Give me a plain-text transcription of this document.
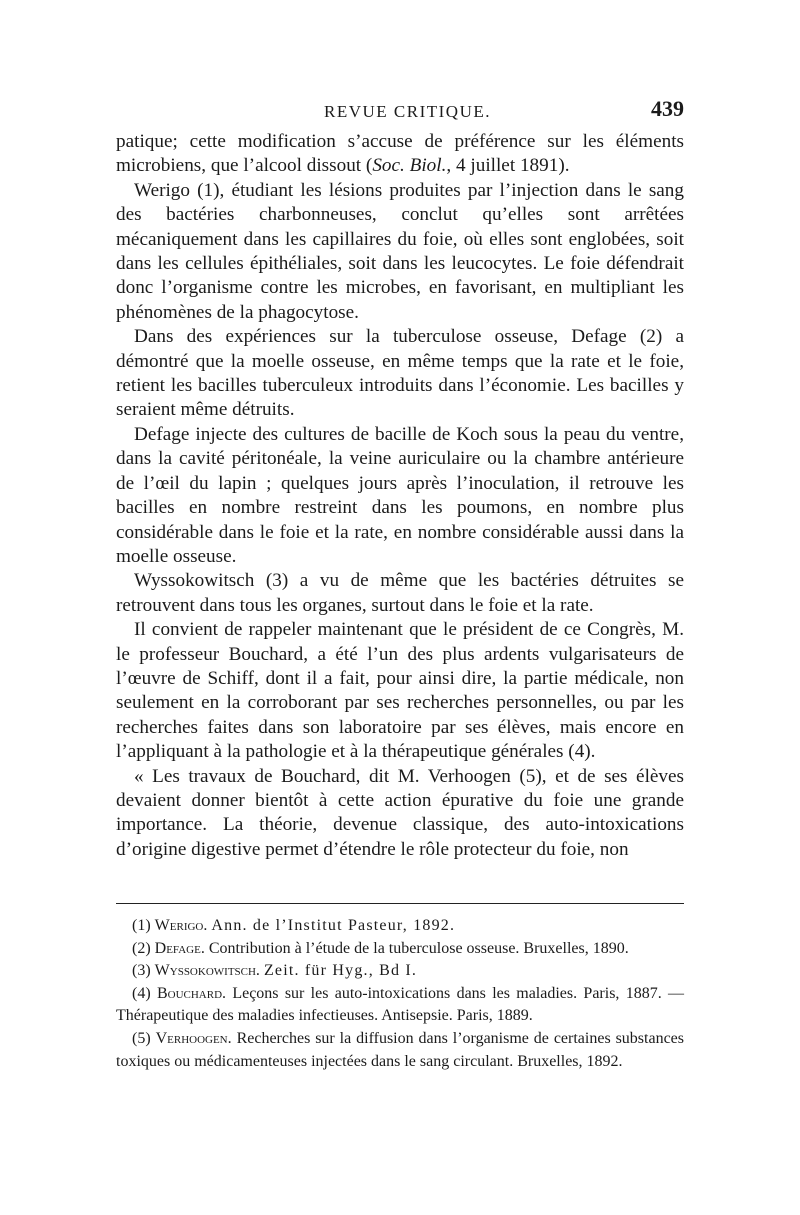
REVUE CRITIQUE.	439

patique; cette modification s’accuse de préférence sur les éléments microbiens, que l’alcool dissout (Soc. Biol., 4 juillet 1891).

Werigo (1), étudiant les lésions produites par l’injection dans le sang des bactéries charbonneuses, conclut qu’elles sont arrêtées mécaniquement dans les capillaires du foie, où elles sont englobées, soit dans les cellules épithéliales, soit dans les leucocytes. Le foie défendrait donc l’organisme contre les microbes, en favorisant, en multipliant les phénomènes de la phagocytose.

Dans des expériences sur la tuberculose osseuse, Defage (2) a démontré que la moelle osseuse, en même temps que la rate et le foie, retient les bacilles tuberculeux introduits dans l’économie. Les bacilles y seraient même détruits.

Defage injecte des cultures de bacille de Koch sous la peau du ventre, dans la cavité péritonéale, la veine auriculaire ou la chambre antérieure de l’œil du lapin ; quelques jours après l’inoculation, il retrouve les bacilles en nombre restreint dans les poumons, en nombre plus considérable dans le foie et la rate, en nombre considérable aussi dans la moelle osseuse.

Wyssokowitsch (3) a vu de même que les bactéries détruites se retrouvent dans tous les organes, surtout dans le foie et la rate.

Il convient de rappeler maintenant que le président de ce Congrès, M. le professeur Bouchard, a été l’un des plus ardents vulgarisateurs de l’œuvre de Schiff, dont il a fait, pour ainsi dire, la partie médicale, non seulement en la corroborant par ses recherches personnelles, ou par les recherches faites dans son laboratoire par ses élèves, mais encore en l’appliquant à la pathologie et à la thérapeutique générales (4).

« Les travaux de Bouchard, dit M. Verhoogen (5), et de ses élèves devaient donner bientôt à cette action épurative du foie une grande importance. La théorie, devenue classique, des auto-intoxications d’origine digestive permet d’étendre le rôle protecteur du foie, non

(1) Werigo. Ann. de l’Institut Pasteur, 1892.

(2) Defage. Contribution à l’étude de la tuberculose osseuse. Bruxelles, 1890.

(3) Wyssokowitsch. Zeit. für Hyg., Bd I.

(4) Bouchard. Leçons sur les auto-intoxications dans les maladies. Paris, 1887. — Thérapeutique des maladies infectieuses. Antisepsie. Paris, 1889.

(5) Verhoogen. Recherches sur la diffusion dans l’organisme de certaines substances toxiques ou médicamenteuses injectées dans le sang circulant. Bruxelles, 1892.
